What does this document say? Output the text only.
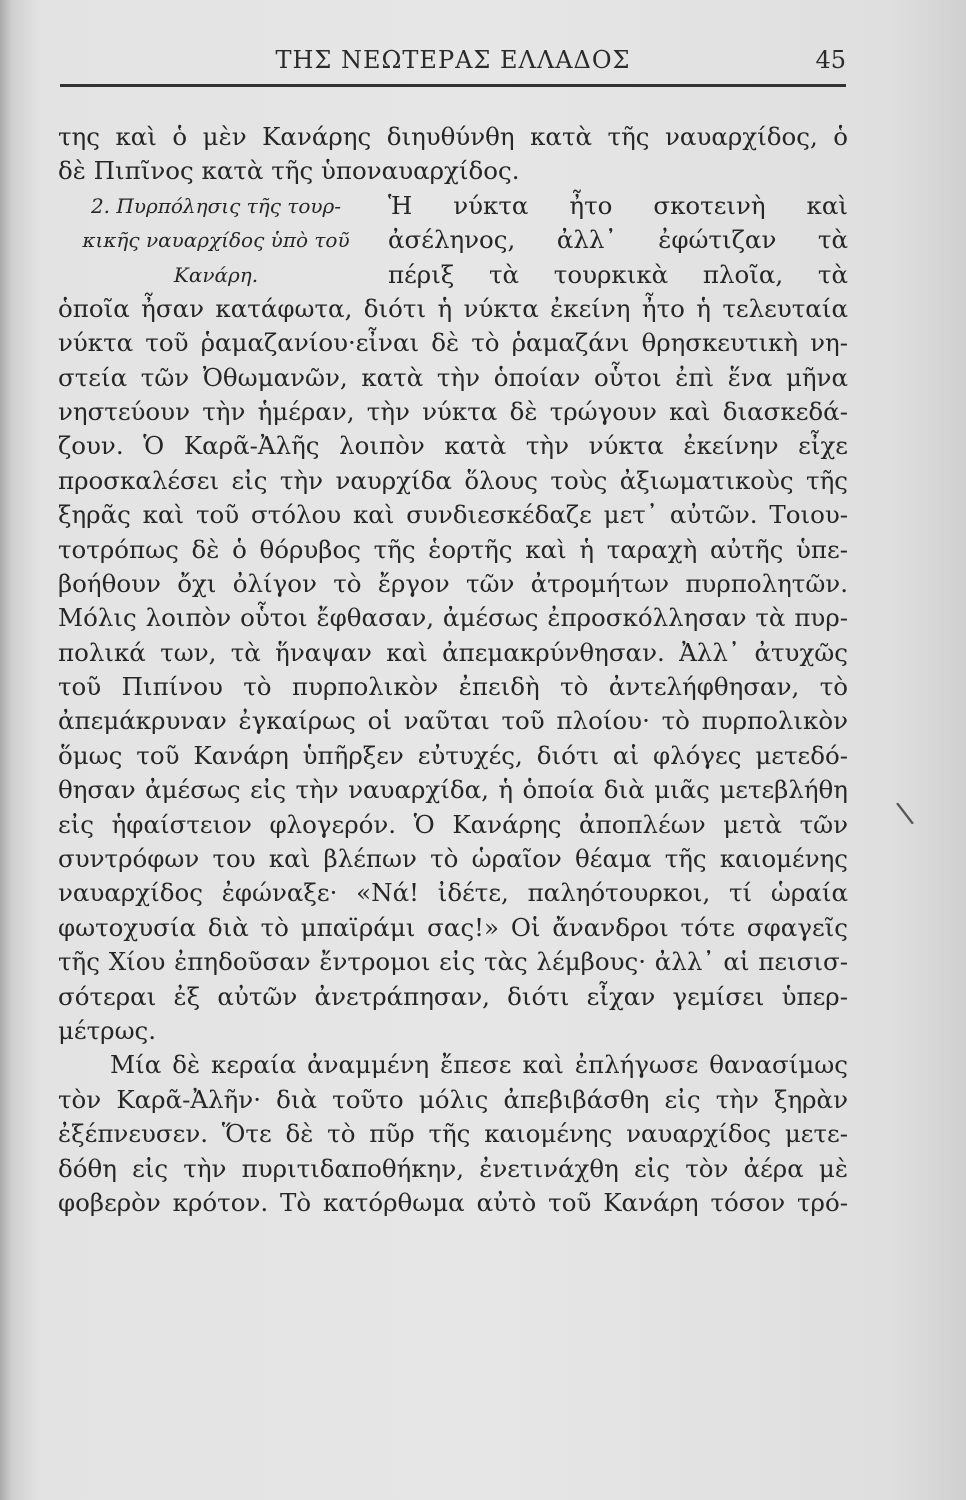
ΤΗΣ ΝΕΩΤΕΡΑΣ ΕΛΛΑΔΟΣ	45
της καὶ ὁ μὲν Κανάρης διηυθύνθη κατὰ τῆς ναυαρχίδος, ὁ
δὲ Πιπῖνος κατὰ τῆς ὑποναυαρχίδος.
2. Πυρπόλησις τῆς τουρ-
κικῆς ναυαρχίδος ὑπὸ τοῦ
Κανάρη.
Ἡ νύκτα ἦτο σκοτεινὴ καὶ
ἀσέληνος, ἀλλ᾽ ἐφώτιζαν τὰ
πέριξ τὰ τουρκικὰ πλοῖα, τὰ
ὁποῖα ἦσαν κατάφωτα, διότι ἡ νύκτα ἐκείνη ἦτο ἡ τελευταία
νύκτα τοῦ ῥαμαζανίου·εἶναι δὲ τὸ ῥαμαζάνι θρησκευτικὴ νη-
στεία τῶν Ὀθωμανῶν, κατὰ τὴν ὁποίαν οὗτοι ἐπὶ ἕνα μῆνα
νηστεύουν τὴν ἡμέραν, τὴν νύκτα δὲ τρώγουν καὶ διασκεδά-
ζουν. Ὁ Καρᾶ-Ἀλῆς λοιπὸν κατὰ τὴν νύκτα ἐκείνην εἶχε
προσκαλέσει εἰς τὴν ναυρχίδα ὅλους τοὺς ἀξιωματικοὺς τῆς
ξηρᾶς καὶ τοῦ στόλου καὶ συνδιεσκέδαζε μετ᾽ αὐτῶν. Τοιου-
τοτρόπως δὲ ὁ θόρυβος τῆς ἑορτῆς καὶ ἡ ταραχὴ αὐτῆς ὑπε-
βοήθουν ὄχι ὀλίγον τὸ ἔργον τῶν ἀτρομήτων πυρπολητῶν.
Μόλις λοιπὸν οὗτοι ἔφθασαν, ἀμέσως ἐπροσκόλλησαν τὰ πυρ-
πολικά των, τὰ ἥναψαν καὶ ἀπεμακρύνθησαν. Ἀλλ᾽ ἀτυχῶς
τοῦ Πιπίνου τὸ πυρπολικὸν ἐπειδὴ τὸ ἀντελήφθησαν, τὸ
ἀπεμάκρυναν ἐγκαίρως οἱ ναῦται τοῦ πλοίου· τὸ πυρπολικὸν
ὅμως τοῦ Κανάρη ὑπῆρξεν εὐτυχές, διότι αἱ φλόγες μετεδό-
θησαν ἀμέσως εἰς τὴν ναυαρχίδα, ἡ ὁποία διὰ μιᾶς μετεβλήθη
εἰς ἡφαίστειον φλογερόν. Ὁ Κανάρης ἀποπλέων μετὰ τῶν
συντρόφων του καὶ βλέπων τὸ ὡραῖον θέαμα τῆς καιομένης
ναυαρχίδος ἐφώναξε· «Νά! ἰδέτε, παληότουρκοι, τί ὡραία
φωτοχυσία διὰ τὸ μπαϊράμι σας!» Οἱ ἄνανδροι τότε σφαγεῖς
τῆς Χίου ἐπηδοῦσαν ἔντρομοι εἰς τὰς λέμβους· ἀλλ᾽ αἱ πεισισ-
σότεραι ἐξ αὐτῶν ἀνετράπησαν, διότι εἶχαν γεμίσει ὑπερ-
μέτρως.
Μία δὲ κεραία ἀναμμένη ἔπεσε καὶ ἐπλήγωσε θανασίμως
τὸν Καρᾶ-Ἀλῆν· διὰ τοῦτο μόλις ἀπεβιβάσθη εἰς τὴν ξηρὰν
ἐξέπνευσεν. Ὅτε δὲ τὸ πῦρ τῆς καιομένης ναυαρχίδος μετε-
δόθη εἰς τὴν πυριτιδαποθήκην, ἐνετινάχθη εἰς τὸν ἀέρα μὲ
φοβερὸν κρότον. Τὸ κατόρθωμα αὐτὸ τοῦ Κανάρη τόσον τρό-
\
